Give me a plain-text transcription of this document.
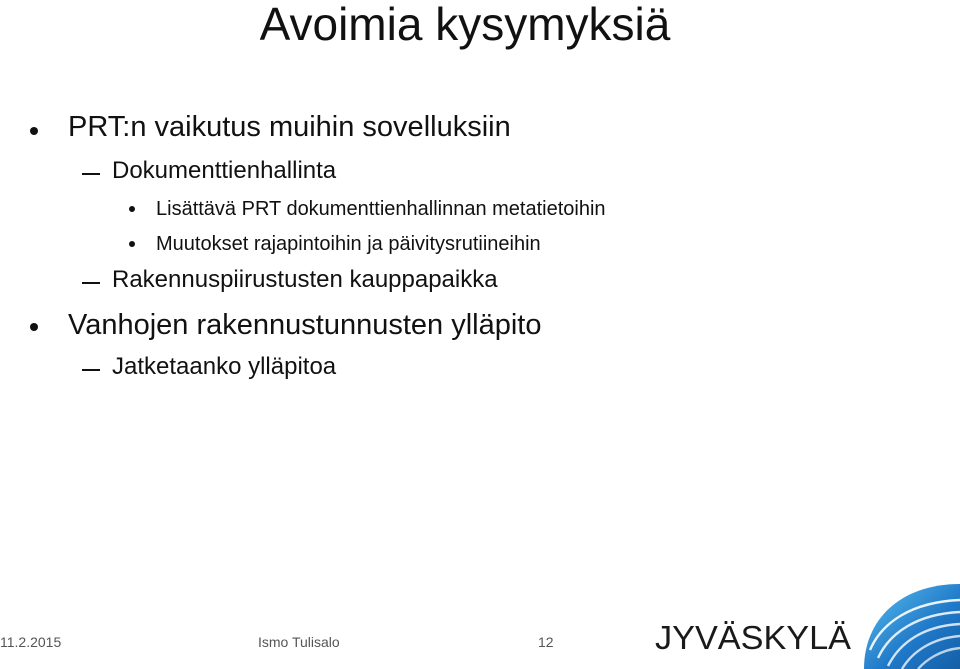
Avoimia kysymyksiä
PRT:n vaikutus muihin sovelluksiin
Dokumenttienhallinta
Lisättävä PRT dokumenttienhallinnan metatietoihin
Muutokset rajapintoihin ja päivitysrutiineihin
Rakennuspiirustusten kauppapaikka
Vanhojen rakennustunnusten ylläpito
Jatketaanko ylläpitoa
11.2.2015	Ismo Tulisalo	12	JYVÄSKYLÄ
